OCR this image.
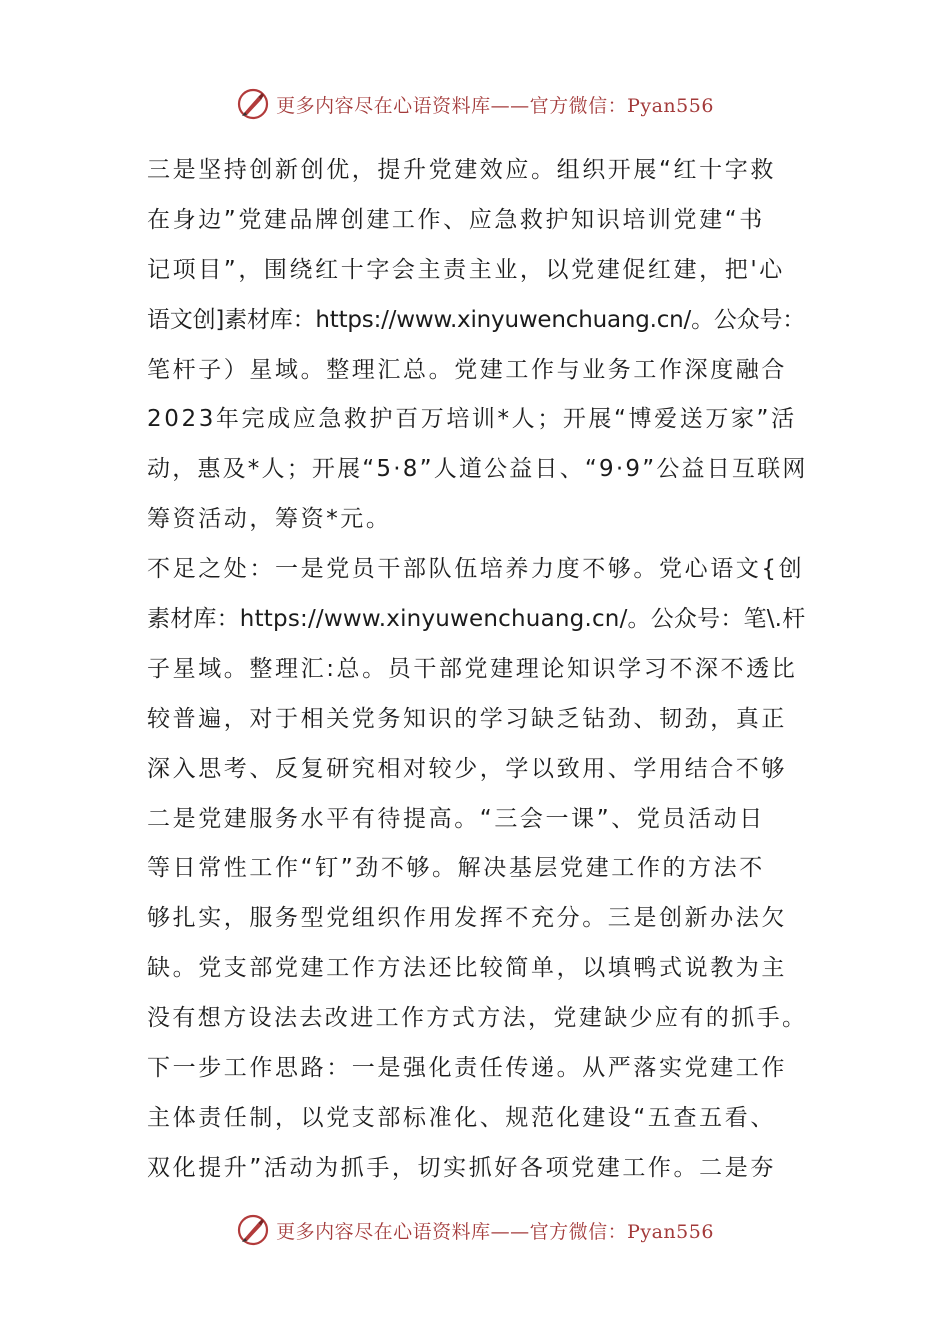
更多内容尽在心语资料库——官方微信：Pyan556
三是坚持创新创优，提升党建效应。组织开展“红十字救
在身边”党建品牌创建工作、应急救护知识培训党建“书
记项目”，围绕红十字会主责主业，以党建促红建，把'心
语文创]素材库：https://www.xinyuwenchuang.cn/。公众号：
笔杆子）星域。整理汇总。党建工作与业务工作深度融合
2023年完成应急救护百万培训*人；开展“博爱送万家”活
动，惠及*人；开展“5·8”人道公益日、“9·9”公益日互联网
筹资活动，筹资*元。
不足之处：一是党员干部队伍培养力度不够。党心语文{创
素材库：https://www.xinyuwenchuang.cn/。公众号：笔\.杆
子星域。整理汇:总。员干部党建理论知识学习不深不透比
较普遍，对于相关党务知识的学习缺乏钻劲、韧劲，真正
深入思考、反复研究相对较少，学以致用、学用结合不够
二是党建服务水平有待提高。“三会一课”、党员活动日
等日常性工作“钉”劲不够。解决基层党建工作的方法不
够扎实，服务型党组织作用发挥不充分。三是创新办法欠
缺。党支部党建工作方法还比较简单，以填鸭式说教为主
没有想方设法去改进工作方式方法，党建缺少应有的抓手。
下一步工作思路：一是强化责任传递。从严落实党建工作
主体责任制，以党支部标准化、规范化建设“五查五看、
双化提升”活动为抓手，切实抓好各项党建工作。二是夯
更多内容尽在心语资料库——官方微信：Pyan556
